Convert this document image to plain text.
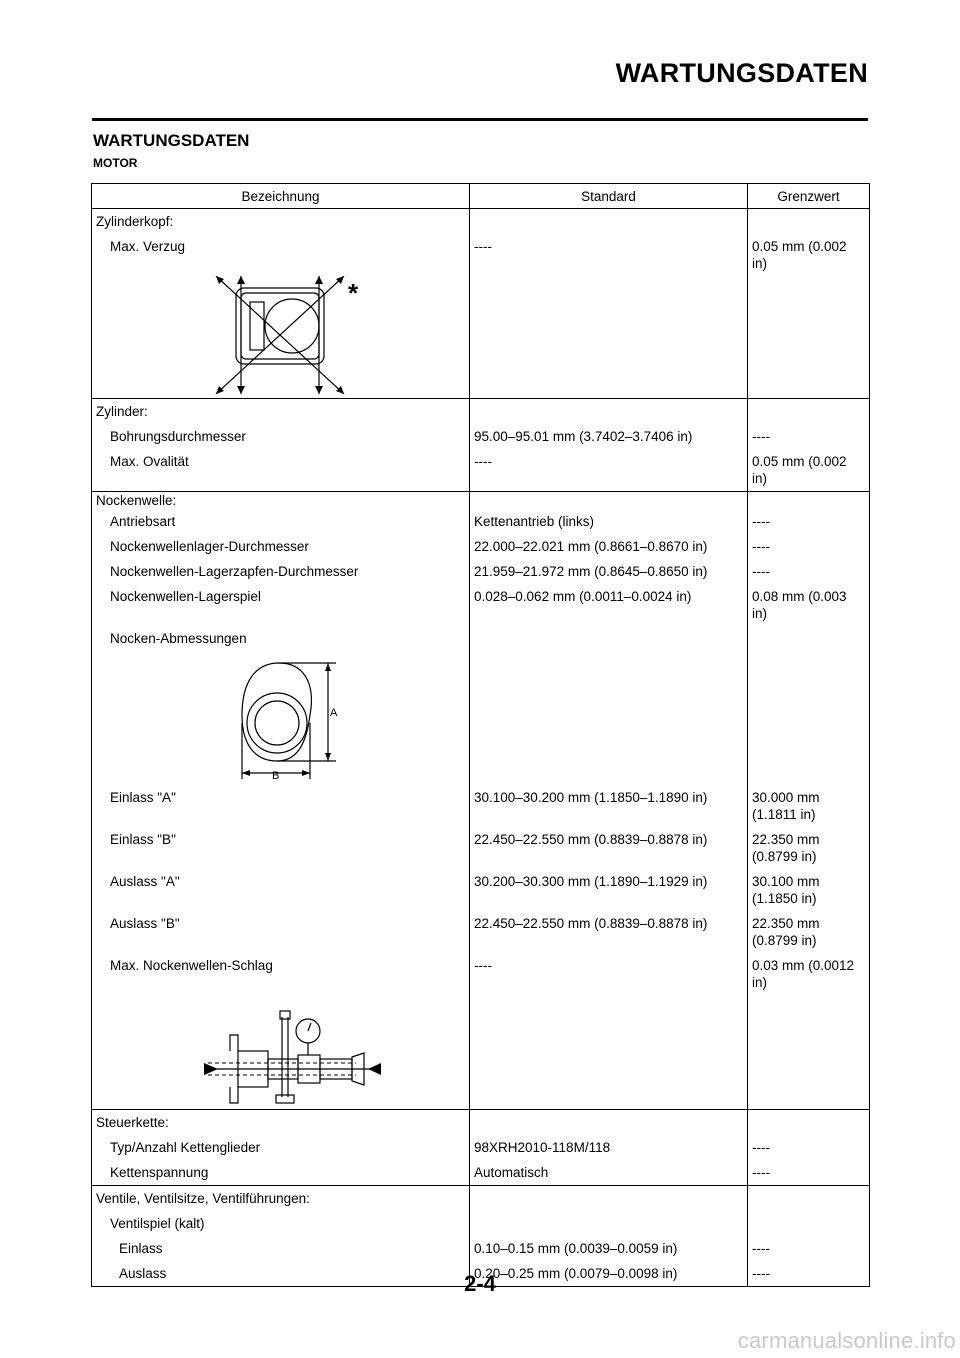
WARTUNGSDATEN
WARTUNGSDATEN
MOTOR
Bezeichnung	Standard	Grenzwert
Zylinderkopf:		
Max. Verzug	----	0.05 mm (0.002 in)

*		

Zylinder:		
Bohrungsdurchmesser	95.00–95.01 mm (3.7402–3.7406 in)	----
Max. Ovalität	----	0.05 mm (0.002 in)
Nockenwelle:		
Antriebsart	Kettenantrieb (links)	----
Nockenwellenlager-Durchmesser	22.000–22.021 mm (0.8661–0.8670 in)	----
Nockenwellen-Lagerzapfen-Durchmesser	21.959–21.972 mm (0.8645–0.8650 in)	----
Nockenwellen-Lagerspiel	0.028–0.062 mm (0.0011–0.0024 in)	0.08 mm (0.003 in)
Nocken-Abmessungen		

A
B		

Einlass "A"	30.100–30.200 mm (1.1850–1.1890 in)	30.000 mm (1.1811 in)
Einlass "B"	22.450–22.550 mm (0.8839–0.8878 in)	22.350 mm (0.8799 in)
Auslass "A"	30.200–30.300 mm (1.1890–1.1929 in)	30.100 mm (1.1850 in)
Auslass "B"	22.450–22.550 mm (0.8839–0.8878 in)	22.350 mm (0.8799 in)
Max. Nockenwellen-Schlag	----	0.03 mm (0.0012 in)

Steuerkette:		
Typ/Anzahl Kettenglieder	98XRH2010-118M/118	----
Kettenspannung	Automatisch	----
Ventile, Ventilsitze, Ventilführungen:		
Ventilspiel (kalt)		
Einlass	0.10–0.15 mm (0.0039–0.0059 in)	----
Auslass	0.20–0.25 mm (0.0079–0.0098 in)	----
2-4
carmanualsonline.info
